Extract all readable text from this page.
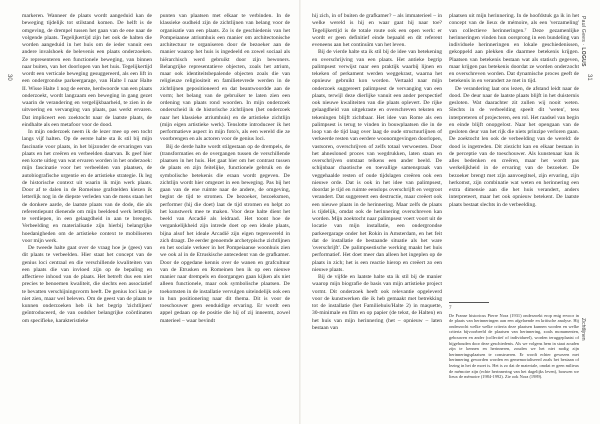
30	31
Paul Gees · LOGUS
Zichtlijnen

markeren. Wanneer de plaats wordt aangeduid kan de beweging tijdelijk tot stilstand komen. De helft is de omgeving, de drempel tussen het gaan van de ene naar de volgende plaats. Tegelijkertijd zijn het ook de halten die worden aangeduid in het huis om de ieder vanuit een andere invalshoek de belevenis een plaats onderzoeken. Ze representeren een functionele beweging, van binnen naar buiten, van het doorlopen van het huis. Tegelijkertijd wordt een verticale beweging gesuggereerd, als een lift in een ondergrondse parkeergarage, van Halte I naar Halte II. Wisse Halte 1 nog de eerste, herdwoorde van een plaats onderzoekt, wordt langzaam een beweging in gang gezet waarin de verandering en vergelijkbaarheid, te zien in de uitvoering en vervanging van plaats, pas werkt ervaren. Dat impliceert een zoektocht naar de laatste plaats, de eindhalte als een metafoor voor de dood.

In mijn onderzoek neem ik de lezer mee op een tocht langs vijf halten. Op de eerste halte sta ik stil bij mijn fascinatie voor plaats, in het bijzonder de ervaringen van plaats en het creëren en verbeelden daarvan. Ik geef hier een korte uitleg van wat ervaren worden in het onderzoek: mijn fascinatie voor het verbeelden van plaatsen, de autobiografische urgentie en de artistieke strategie. Ik leg de historische context uit waarin ik mijn werk plaats. Door af te dalen in de Romeinse grafstelden kiezen ik letterlijk nog in de diepste verleden van de mens staan het de donkere aarde, de laatste plaats van de dode, die als referentiepunt dienende om mijn beeldend werk letterlijk te verdiepen, in een gelaagdheid in aan te brengen. Verbeelding en materialisatie zijn hierbij belangrijke hoedanigheden om de artistieke context te mobiliseren voor mijn werk.

De tweede halte gaat over de vraag hoe je (gees) van dit plaats te verbeelden. Hier staat het concept van de genius loci centraal en die verschillende kwaliteiten van een plaats die van invloed zijn op de bepaling en affectieve inhoud van de plaats. Het betreft dus een niet precies te benoemen kwaliteit, die slechts een associatief te bevatten verschijningsvorm heeft. De genius loci kan je niet zien, maar wel beleven. Om de geest van de plaats te kunnen onderzoeken heb ik het begrip 'zichtlijnen' geïntroduceerd, de van oudsher belangrijke coördinaten om specifieke, karakteristieke

punten van plaatsen met elkaar te verbinden. In de klassieke oudheid zijn de zichtlijnen van belang voor de organisatie van een plaats. Zo is de geschiedenis van het Pompeiaanse atriumhuis een manier om architectonische architectuur te organiseren door de bezoeker aan de manier waarop het huis is ingedeeld en zowel sociaal als hiërarchisch werd gebruikt door zijn bewoners. Belangrijke representatieve objecten, zoals het atrium, maar ook identiteitsbepalende objecten zoals die van religieuze religiositeit en familietevrede werden in de zichtlijnen gepositioneerd en dat beantwoordde aan de vorm; het belang van de gebruiker te laten zien een ordening van plaats rond woorden. In mijn onderzoek onderscheid ik de historische zichtlijnen (het onderzoek naar het klassieke atriumhuis) en de artistieke zichtlijn (mijn eigen artistieke werk). Tenslotte introduceer ik het performatieve aspect in mijn foto's, als een wereld die ze voorbrengen en als actoren voor de genius loci.

Bij de derde halte wordt stilgestaan op de drempels, de (transformaties en de overgangen tussen de verschillende plaatsen in het huis. Het gaat hier om het contrast tussen de plaats en zijn feitelijke, functionele gebruik en de symbolische betekenis die eraan wordt gegeven. De zichtlijn wordt hier omgezet in een beweging. Pas bij het gaan van de ene ruimte naar de andere, de omgeving, begint de tijd te stromen. De bezoeker, bezoeksmen, performer (hij die doet) laat de tijd stromen en helpt zo het kunstwerk mee te maken. Voor deze halte dient het beeld van Arcadië als leidraad. Het toont hoe de vergankelijkheid zijn intrede doet op een ideale plaats, bijna alsof het ideale Arcadië zijn eigen tegenwereld in zich draagt. De eerder genoemde archetypische zichtlijnen en het sociale verkeer in het Pompeiaanse woonhuis zien we ook al in de Etruskische antecedent van de grafkamer. Door de opgedane kennis over de wanen en grafcultuur van de Etrusken en Romeinen ben ik op een nieuwe manier naar drempels en doorgangen gaan kijken als niet alleen functionele, maar ook symbolische plaatsen. De toekomsten in de installatie vervulgen uiteindelijk ook een in hun positionering naar dit thema. Dit is voor de toeschouwer geen eenduidige ervaring. Er wordt een appel gedaan op de positie die hij of zij inneemt, zowel materieel – waar bevindt

hij zich, in of buiten de grafkamer? – als immaterieel – in welke wereld is hij en waar gaat hij naar toe? Tegelijkertijd is de totale route ook een open werk: er wordt er geen definitief einde bepaald en dit referent eveneens aan het continuïm van het leven.

Bij de vierde halte sta ik stil bij de idee van betekening en overschrijving van een plaats. Het antieke begrip palimpsest verwijst naar een praktijk waarbij lijnen en tekeken of perkament werden weggekrast, waarna het opnieuw gebruikt kon worden. Vertaald naar mijn onderzoek suggereert palimpsest de vervanging van een plaats, terwijl deze dierlijke vanuit een ander perspectief ook nieuwe kwaliteiten van die plaats oplevert. De rijke gelaagdheid van uitgekraste en overschreven teksten en tekeningen blijft zichtbaar. Het idee van Rome als een palimpsest is terug te vinden in bouwplaatsen die in de loop van de tijd laag over laag de oude structuurlijnen of verkeerde resten van eerdere woonomgevingen doorlopen, vastsoren, overschrijven of zelfs totaal verwoesten. Door het ahnesloned proces van wegdrukken, laten staan en overschrijven ontstaat telkens een ander beeld. De schijnbaar chaotische en toevallige samenspraak van veggehaalde resten of oude tijdslagen creëren ook een nieuwe orde. Dat is ook in het idee van palimpsest, doordat je tijd en ruimte eenslops overschrijft en vergroot verandert. Dat suggereert een destructie, maar creëert ook een nieuwe plaats in de herinnering. Maar zelfs de plaats is tijdelijk, omdat ook de herinnering overschreven kan worden. Mijn zoektocht naar palimpsest voert voort uit de locatie van mijn installatie, een ondergrondse parkeergarage onder het Rokin in Amsterdam, en het feit dat de installatie de bestaande situatie als het ware 'overschrijft'. De palimpsestische werking maakt het huis performatief. Het doet meer dan alleen het ingeplen op de plaats in zich; het is een reactie hierop en creëert zo een nieuwe plaats.

Bij de vijfde en laatste halte sta ik stil bij de manier waarop mijn biografie de basis van mijn artistieke project vormt. Dit onderzoek heeft ook relevantie opgeleverd voor de kunstwerken die ik heb gemaakt met betrekking tot de installatie (het Familiehuis/Halte 2) in maquette, 30-minimale en film en op papier (de tekst, de Halten) en het huis van mijn herinnering (het – opnieuw – laten bestaan van

plaatsen uit mijn herinnering. In de hoofdstuk ga ik in het concept van de lieux de mémoire, als een 'verzameling' van collectieve herinneringen.⁷ Deze gezamenlijke herinneringen vinden hun oorsprong in een bundeling van individuele herinneringen en lokale geschiedenissen, gekoppeld aan plekken die daarmee betekenis krijgen. Plaatsen van betekenis bestaan wat als statisch gegeven, maar krijgen pas betekenis doordat ze worden onderzocht en overschreven worden. Dat dynamische proces geeft de betekenis in en verandert ze met in tijd.

De verandering laat ons lezen, de afstand leidt naar de dood. De deur naar de laatste plaats blijft in het duisternis gesloten. Wat daarachter zit zullen wij nooit weten. Slechts in de verbeelding speelt dit 'weten', tess interpreteren of projecteren, een rol. Het raadsel van begin en einde blijft onopgelost. Naar het opengaan van de gesloten deur van het rijk die niets prinzipe verloren gaan. De zoektocht len ook de verbeelding van de wereld: de dood is ingetreden. Dit ziezicht kan en elkaar bestaan in de perceptie van de toeschouwer. Als kunstenaar kan ik alles bedenken en creëren, maar het wordt pas werkelijkheid in de ervaring van de bezoeker. De bezoeker brengt met zijn aanvoegitsel, zijn ervaring, zijn herkomst, zijn combinatie wat weten en herinnering een extra dimensie aan die het huis verandert, anders interpreteert, maar het ook opnieuw betekent. De laatste plaats bestaat slechts in de verbeelding.

7
De Franse historicus Pierre Nora (1931) onderzoekt erop enig ervoor in de plaats van herinneringen aan een afgelaende en kritische analyse. Hij onderzocht welke welke criteria deze plaatsen kunnen worden en welke criteria bijvoorbeeld de plaatsen van herinnering, zoals monumenten, gebouwen en ander (collectief of individueel), worden teruggeplaatst of bijgehouden door deze geschiedenis. Als we volgens hem in staat zouden zijn te kennen en herinneren, zouden we het niet nodig zijn herinneringsplaatsen te construeren. Er wordt echter gewezen met herinnering geworden worden en gememorialiseerd zoals het bestaan of lezing in het de moet is. Het is zo dat de materiale, omdat er geen milieux de mémoire zijn (echte herinnering van het dagelijks leven), bouwen we lieux de mémoire (1984-1992). Zie ook Nora (1989).
